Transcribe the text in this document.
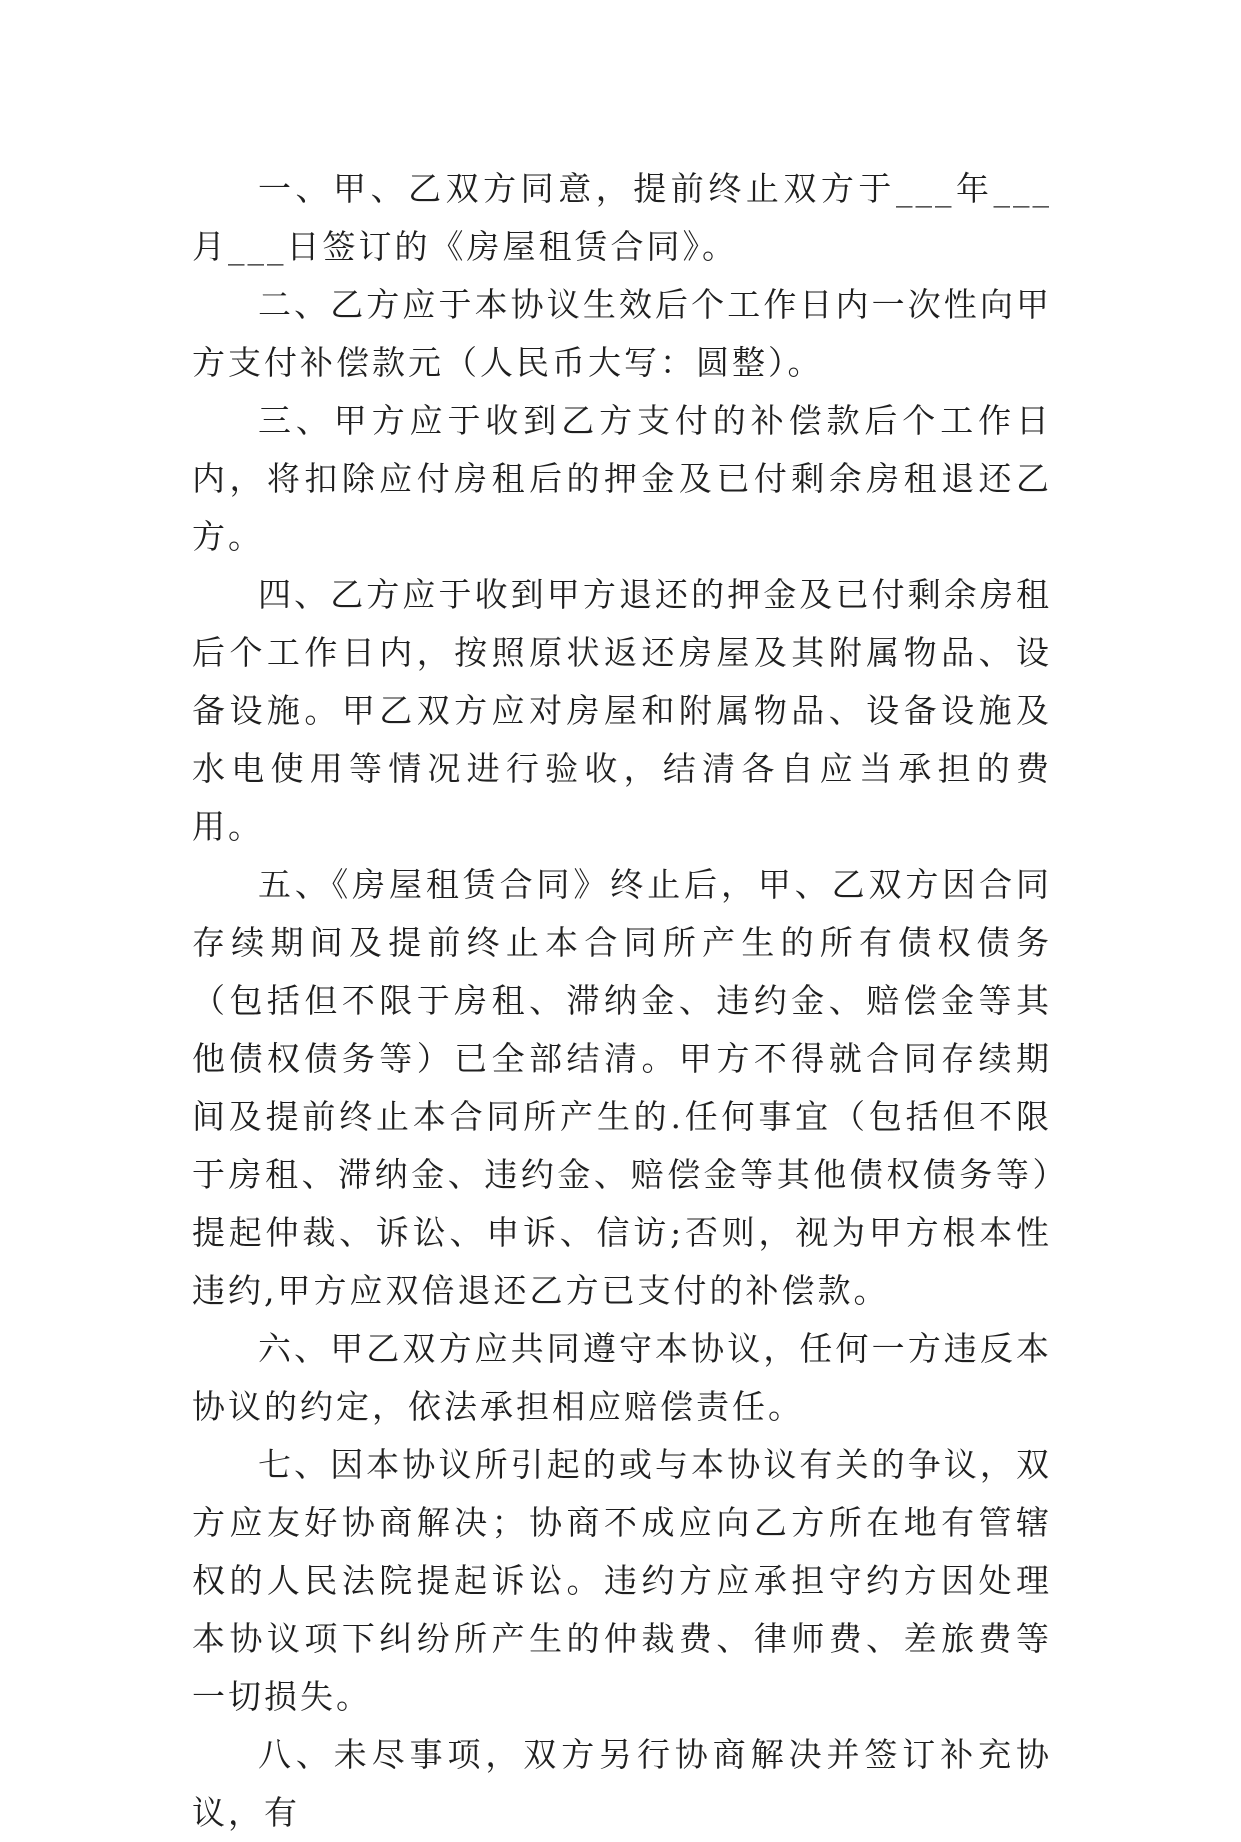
一、甲、乙双方同意，提前终止双方于___年___月___日签订的《房屋租赁合同》。

二、乙方应于本协议生效后个工作日内一次性向甲方支付补偿款元（人民币大写：圆整）。

三、甲方应于收到乙方支付的补偿款后个工作日内，将扣除应付房租后的押金及已付剩余房租退还乙方。

四、乙方应于收到甲方退还的押金及已付剩余房租后个工作日内，按照原状返还房屋及其附属物品、设备设施。甲乙双方应对房屋和附属物品、设备设施及水电使用等情况进行验收，结清各自应当承担的费用。

五、《房屋租赁合同》终止后，甲、乙双方因合同存续期间及提前终止本合同所产生的所有债权债务（包括但不限于房租、滞纳金、违约金、赔偿金等其他债权债务等）已全部结清。甲方不得就合同存续期间及提前终止本合同所产生的.任何事宜（包括但不限于房租、滞纳金、违约金、赔偿金等其他债权债务等）提起仲裁、诉讼、申诉、信访;否则，视为甲方根本性违约,甲方应双倍退还乙方已支付的补偿款。

六、甲乙双方应共同遵守本协议，任何一方违反本协议的约定，依法承担相应赔偿责任。

七、因本协议所引起的或与本协议有关的争议，双方应友好协商解决；协商不成应向乙方所在地有管辖权的人民法院提起诉讼。违约方应承担守约方因处理本协议项下纠纷所产生的仲裁费、律师费、差旅费等一切损失。

八、未尽事项，双方另行协商解决并签订补充协议，有
